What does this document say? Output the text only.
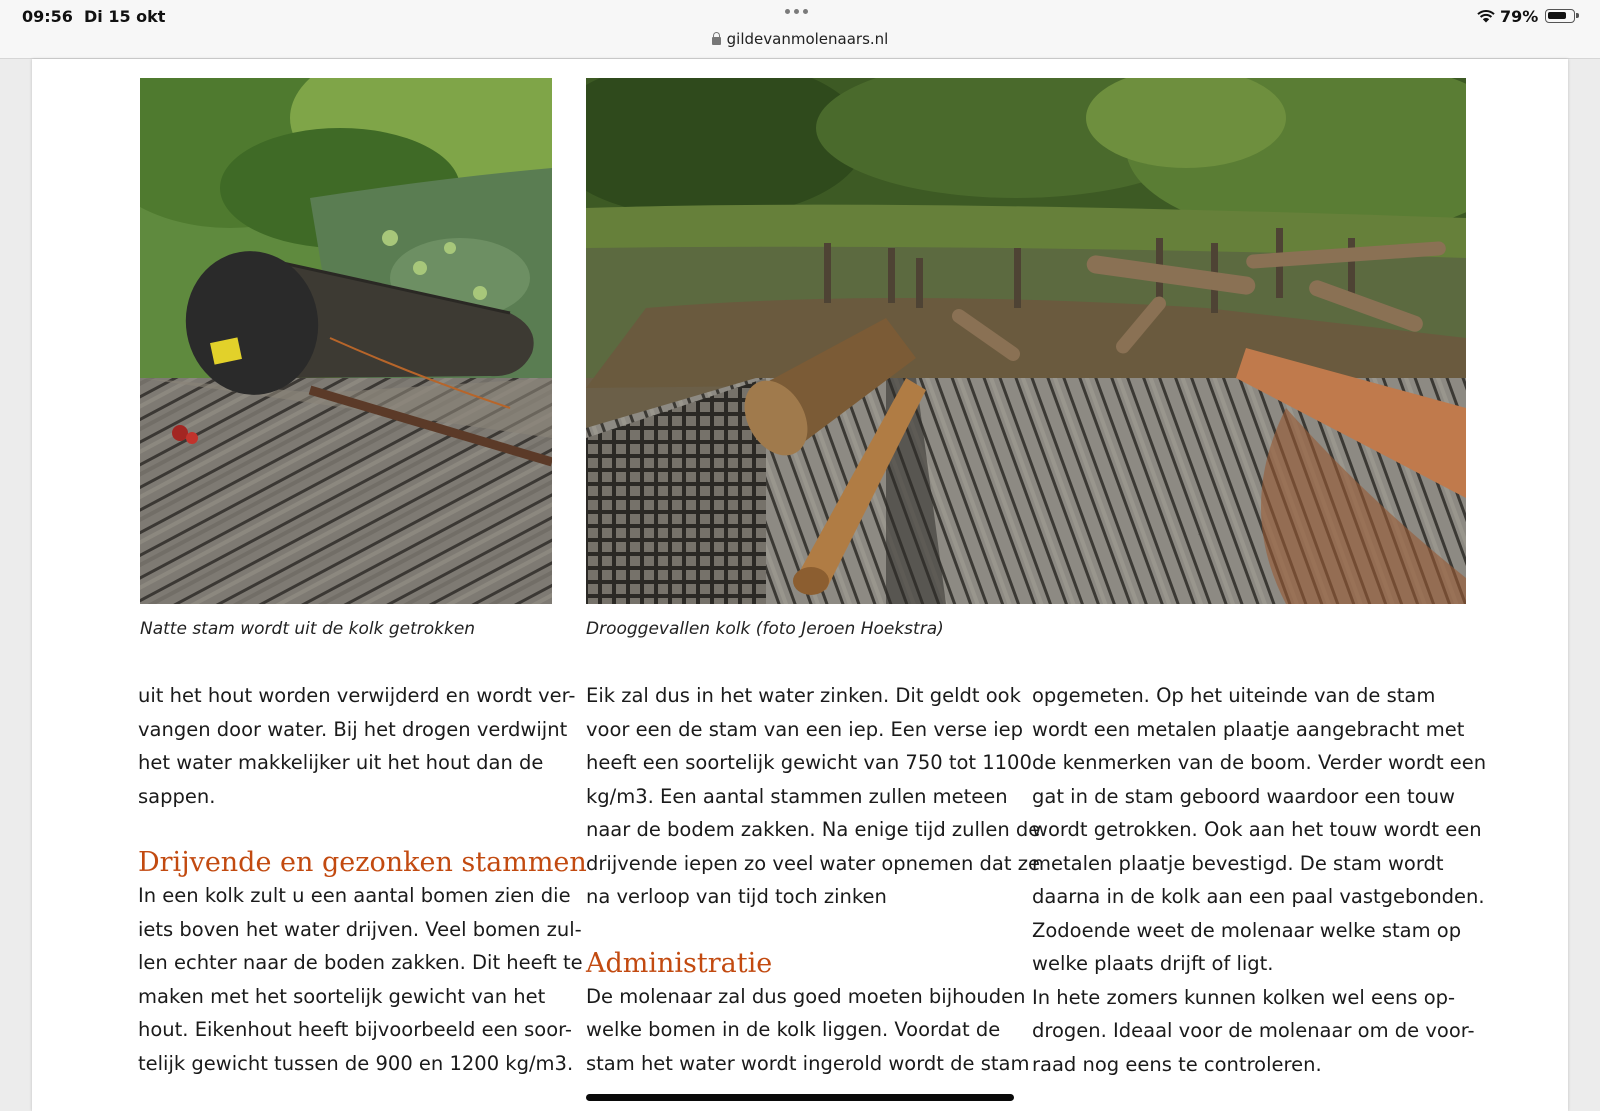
09:56 Di 15 okt
gildevanmolenaars.nl
79%
Natte stam wordt uit de kolk getrokken	Drooggevallen kolk (foto Jeroen Hoekstra)

uit het hout worden verwijderd en wordt ver-

vangen door water. Bij het drogen verdwijnt

het water makkelijker uit het hout dan de

sappen.

Drijvende en gezonken stammen

In een kolk zult u een aantal bomen zien die

iets boven het water drijven. Veel bomen zul-

len echter naar de boden zakken. Dit heeft te

maken met het soortelijk gewicht van het

hout. Eikenhout heeft bijvoorbeeld een soor-

telijk gewicht tussen de 900 en 1200 kg/m3.

Eik zal dus in het water zinken. Dit geldt ook

voor een de stam van een iep. Een verse iep

heeft een soortelijk gewicht van 750 tot 1100

kg/m3. Een aantal stammen zullen meteen

naar de bodem zakken. Na enige tijd zullen de

drijvende iepen zo veel water opnemen dat ze

na verloop van tijd toch zinken

Administratie

De molenaar zal dus goed moeten bijhouden

welke bomen in de kolk liggen. Voordat de

stam het water wordt ingerold wordt de stam

opgemeten. Op het uiteinde van de stam

wordt een metalen plaatje aangebracht met

de kenmerken van de boom. Verder wordt een

gat in de stam geboord waardoor een touw

wordt getrokken. Ook aan het touw wordt een

metalen plaatje bevestigd. De stam wordt

daarna in de kolk aan een paal vastgebonden.

Zodoende weet de molenaar welke stam op

welke plaats drijft of ligt.

In hete zomers kunnen kolken wel eens op-

drogen. Ideaal voor de molenaar om de voor-

raad nog eens te controleren.
